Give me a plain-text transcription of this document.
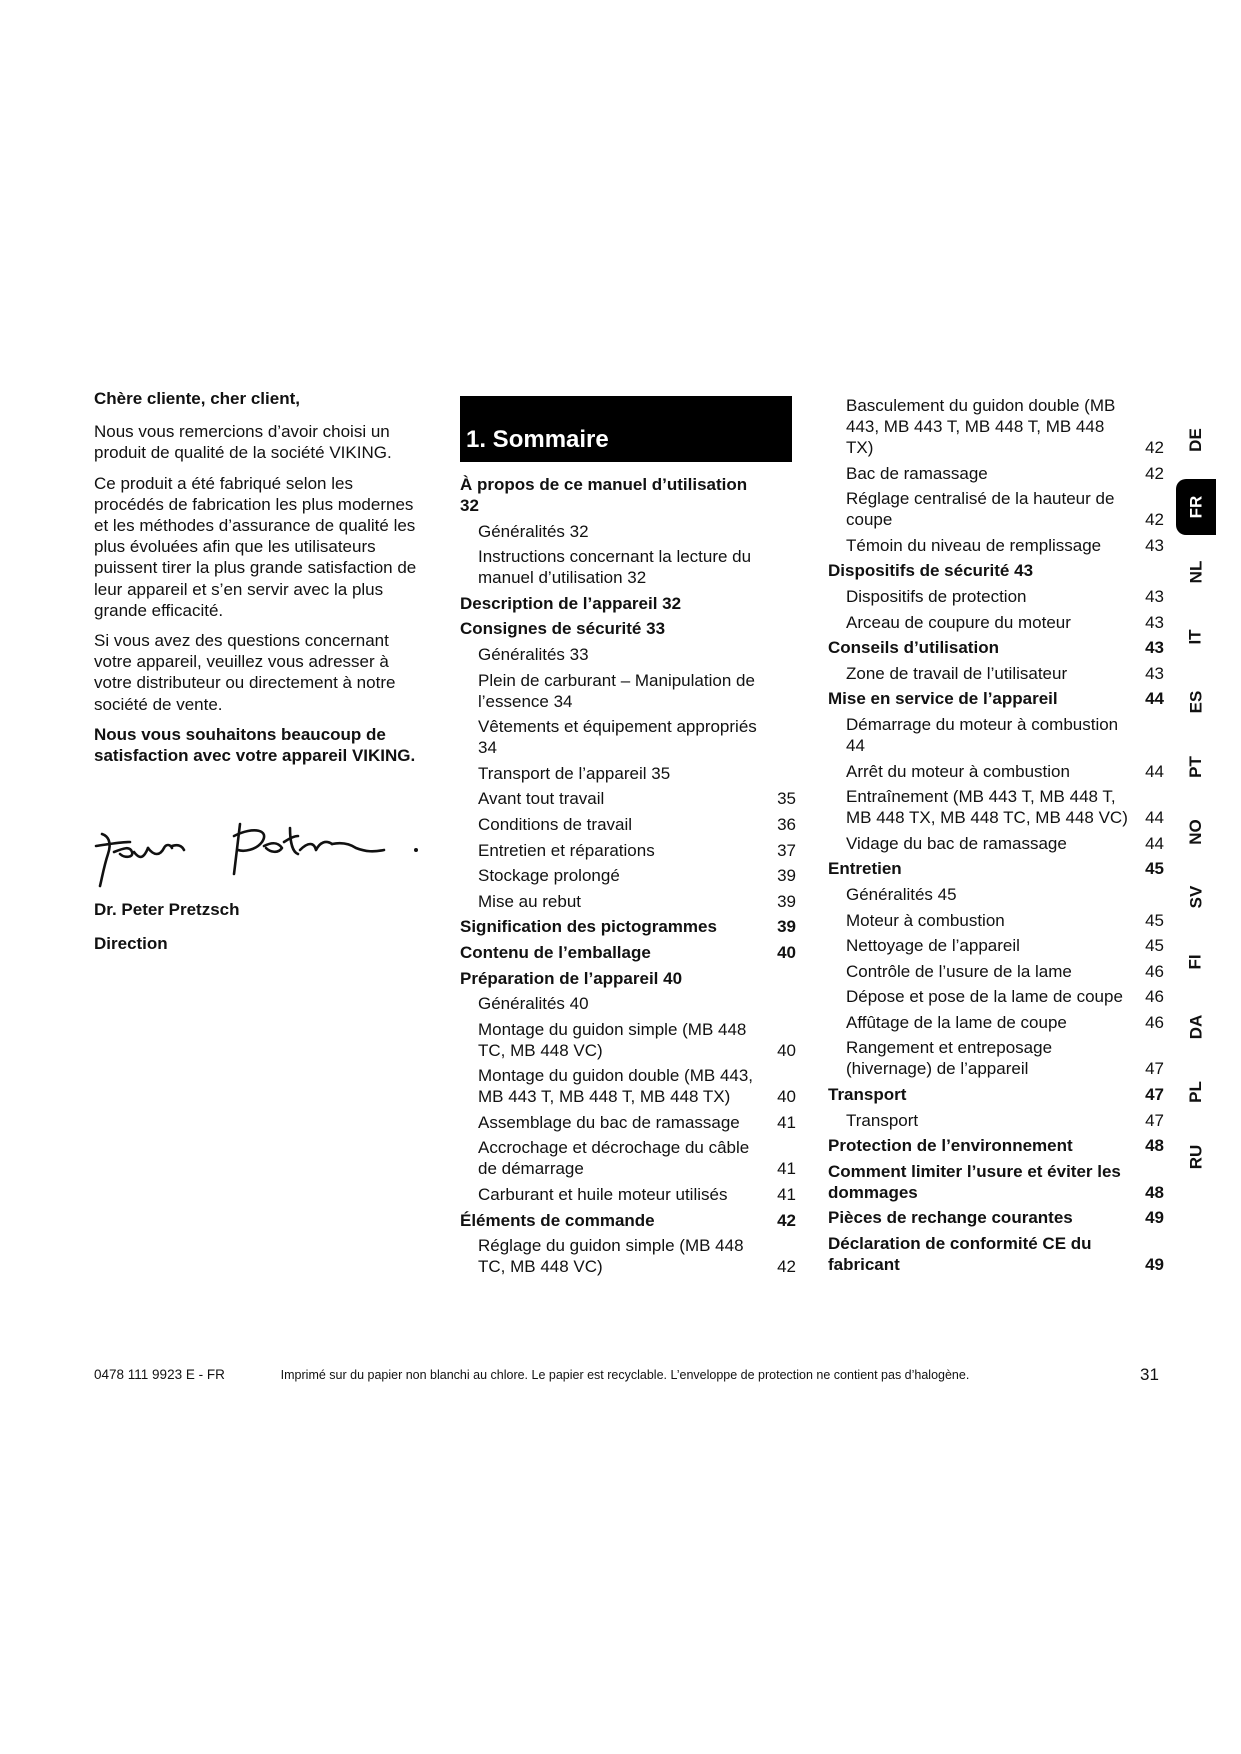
Chère cliente, cher client,

Nous vous remercions d’avoir choisi un produit de qualité de la société VIKING.

Ce produit a été fabriqué selon les procédés de fabrication les plus modernes et les méthodes d’assurance de qualité les plus évoluées afin que les utilisateurs puissent tirer la plus grande satisfaction de leur appareil et s’en servir avec la plus grande efficacité.

Si vous avez des questions concernant votre appareil, veuillez vous adresser à votre distributeur ou directement à notre société de vente.

Nous vous souhaitons beaucoup de satisfaction avec votre appareil VIKING.

Dr. Peter Pretzsch
Direction
1. Sommaire
À propos de ce manuel d’utilisation 32
Généralités 32
Instructions concernant la lecture du manuel d’utilisation 32
Description de l’appareil 32
Consignes de sécurité 33
Généralités 33
Plein de carburant – Manipulation de l’essence 34
Vêtements et équipement appropriés 34
Transport de l’appareil 35
Avant tout travail	35
Conditions de travail	36
Entretien et réparations	37
Stockage prolongé	39
Mise au rebut	39
Signification des pictogrammes	39
Contenu de l’emballage	40
Préparation de l’appareil 40
Généralités 40
Montage du guidon simple (MB 448 TC, MB 448 VC)	40
Montage du guidon double (MB 443, MB 443 T, MB 448 T, MB 448 TX)	40
Assemblage du bac de ramassage	41
Accrochage et décrochage du câble de démarrage	41
Carburant et huile moteur utilisés	41
Éléments de commande	42
Réglage du guidon simple (MB 448 TC, MB 448 VC)	42
Basculement du guidon double (MB 443, MB 443 T, MB 448 T, MB 448 TX)	42
Bac de ramassage	42
Réglage centralisé de la hauteur de coupe	42
Témoin du niveau de remplissage	43
Dispositifs de sécurité 43
Dispositifs de protection	43
Arceau de coupure du moteur	43
Conseils d’utilisation	43
Zone de travail de l’utilisateur	43
Mise en service de l’appareil	44
Démarrage du moteur à combustion 44
Arrêt du moteur à combustion	44
Entraînement (MB 443 T, MB 448 T, MB 448 TX, MB 448 TC, MB 448 VC)	44
Vidage du bac de ramassage	44
Entretien	45
Généralités 45
Moteur à combustion	45
Nettoyage de l’appareil	45
Contrôle de l’usure de la lame	46
Dépose et pose de la lame de coupe	46
Affûtage de la lame de coupe	46
Rangement et entreposage (hivernage) de l’appareil	47
Transport	47
Transport	47
Protection de l’environnement	48
Comment limiter l’usure et éviter les dommages	48
Pièces de rechange courantes	49
Déclaration de conformité CE du fabricant	49
DE
FR
NL
IT
ES
PT
NO
SV
FI
DA
PL
RU
0478 111 9923 E - FR	Imprimé sur du papier non blanchi au chlore. Le papier est recyclable. L’enveloppe de protection ne contient pas d’halogène.	31
